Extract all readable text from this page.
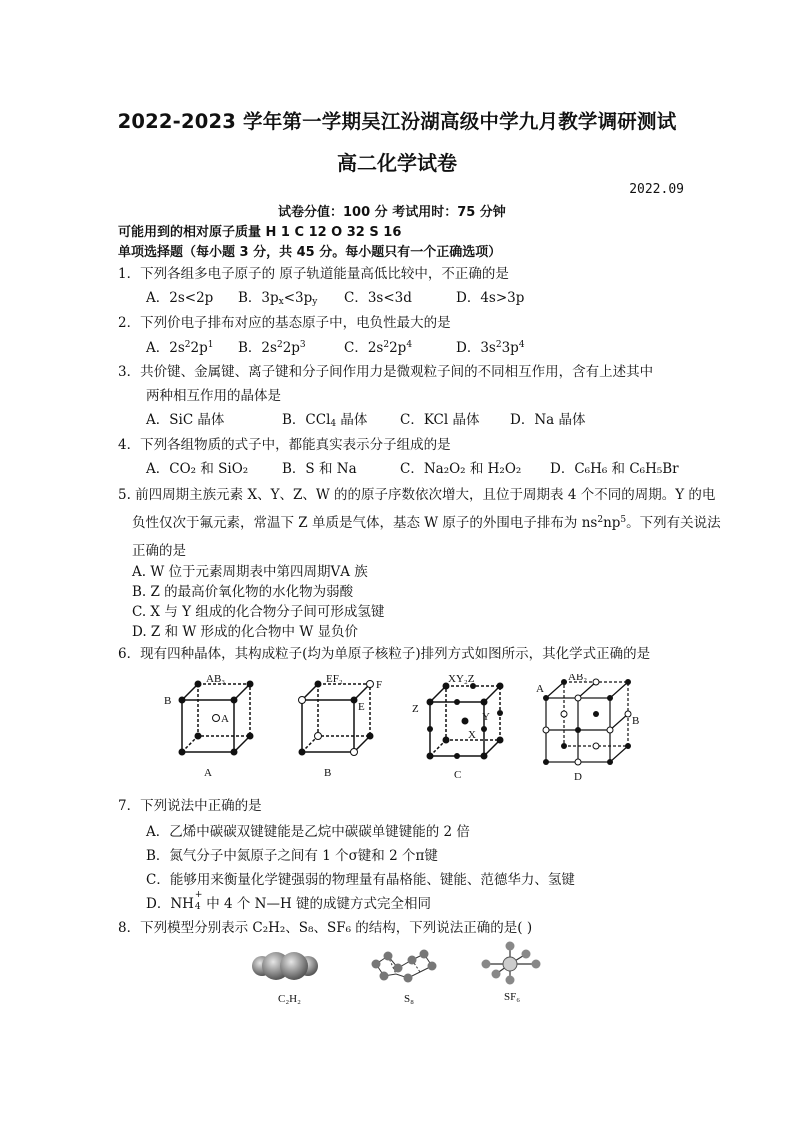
2022-2023 学年第一学期吴江汾湖高级中学九月教学调研测试
高二化学试卷
2022.09
试卷分值：100 分 考试用时：75 分钟
可能用到的相对原子质量 H 1 C 12 O 32 S 16
单项选择题（每小题 3 分，共 45 分。每小题只有一个正确选项）
1．下列各组多电子原子的 原子轨道能量高低比较中，不正确的是
A．2s<2p B．$3p_x<3p_y$ C．3s<3d	D．4s>3p
2．下列价电子排布对应的基态原子中，电负性最大的是
A．$2s^22p^1$ B．$2s^22p^3$	C．$2s^22p^4$	D．$3s^23p^4$
3．共价键、金属键、离子键和分子间作用力是微观粒子间的不同相互作用，含有上述其中
两种相互作用的晶体是
A．SiC 晶体	B．CCl$_4$ 晶体 C．KCl 晶体 D．Na 晶体
4．下列各组物质的式子中，都能真实表示分子组成的是
A．CO₂ 和 SiO₂	B．S 和 Na	C．Na₂O₂ 和 H₂O₂ D．C₆H₆ 和 C₆H₅Br
5. 前四周期主族元素 X、Y、Z、W 的的原子序数依次增大，且位于周期表 4 个不同的周期。Y 的电
负性仅次于氟元素，常温下 Z 单质是气体，基态 W 原子的外围电子排布为 $ns^2np^5$。下列有关说法
正确的是
A. W 位于元素周期表中第四周期ⅤA 族
B. Z 的最高价氧化物的水化物为弱酸
C. X 与 Y 组成的化合物分子间可形成氢键
D. Z 和 W 形成的化合物中 W 显负价
6．现有四种晶体，其构成粒子(均为单原子核粒子)排列方式如图所示，其化学式正确的是
AB₃
B
A
A
EF₂	F
E
B
XY₂Z
Z
Y
X
C
AB₂
A
B
D
7．下列说法中正确的是
A．乙烯中碳碳双键键能是乙烷中碳碳单键键能的 2 倍
B．氮气分子中氮原子之间有 1 个σ键和 2 个π键
C．能够用来衡量化学键强弱的物理量有晶格能、键能、范德华力、氢键
D．NH
+
4 中 4 个 N—H 键的成键方式完全相同
8．下列模型分别表示 C₂H₂、S₈、SF₆ 的结构，下列说法正确的是( )
C₂H₂	S₈	SF₆
